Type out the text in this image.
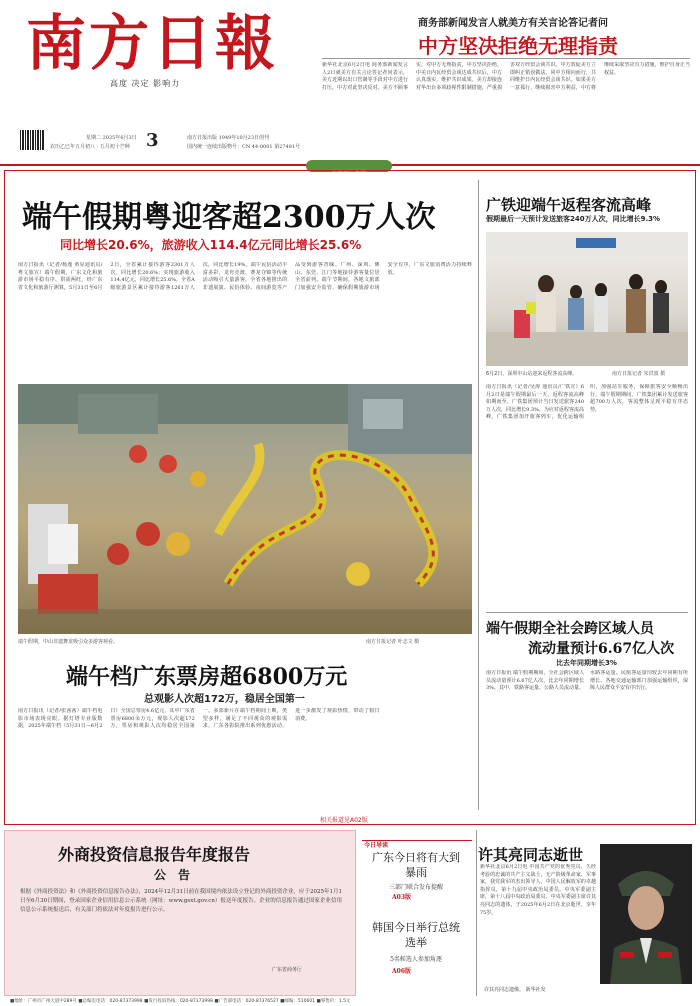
南方日報
高度 决定 影响力
星期二 2025年6月3日
农历乙巳年五月初八 · 五月初十芒种 3	南方日报出版 1949年10月23日创刊
国内统一连续出版物号：CN 44-0001 第27481号
商务部新闻发言人就美方有关言论答记者问
中方坚决拒绝无理指责
新华社北京6月2日电 商务部新闻发言人2日就美方有关言论答记者问表示，美方近期以出口管制等手段对中方进行打压，中方对此坚决反对。美方不顾事实，对中方无理指责，中方坚决拒绝。中美日内瓦经贸会谈达成共识后，中方认真落实，维护共识成果。美方却接连对华出台多项歧视性限制措施，严重损害双方经贸会谈共识。中方敦促美方立即纠正错误做法，同中方相向而行，共同维护日内瓦经贸会谈共识。如果美方一意孤行，继续损害中方利益，中方将继续采取坚决有力措施，维护自身正当权益。
关注端午假期
端午假期粤迎客超2300万人次
同比增长20.6%，旅游收入114.4亿元同比增长25.6%
南方日报讯（记者/杨逸 黄显通讯员/粤文旅宣）端午假期，广东文化和旅游市场平稳有序、供需两旺。经广东省文化和旅游厅测算，5月31日至6月2日，全省累计接待游客2301万人次，同比增长20.6%；实现旅游收入114.4亿元，同比增长25.6%。全省A级旅游景区累计接待游客1261万人次，同比增长19%。端午民俗活动丰富多彩，龙舟竞渡、赛龙夺锦等传统活动吸引大量游客，全省各地推出的非遗展演、民俗体验、夜间游览等产品受到游客青睐。广州、深圳、佛山、东莞、江门等地接待游客量位居全省前列。端午节期间，各地文旅部门加强安全监管，确保假期旅游市场安全有序，广东文旅消费活力持续释放。
端午假期，中山非遗舞龙吸引众多游客观看。	南方日报记者 叶志文 摄
端午档广东票房超6800万元
总观影人次超172万，稳居全国第一
南方日报讯（记者/张茜茜）端午档电影市场表现亮眼。据灯塔专业版数据，2025年端午档（5月31日—6月2日）全国总票房4.6亿元，其中广东省票房6800余万元，观影人次超172万，票房和观影人次均稳居全国第一。多部新片在端午档期间上映，类型多样，满足了不同观众的观影需求。广东各影院推出系列优惠活动，进一步激发了观影热情，带动了假日消费。
广铁迎端午返程客流高峰
假期最后一天预计发送旅客240万人次，同比增长9.3%
6月2日，深圳中山站迎来返程客流高峰。	南方日报记者 朱洪波 摄
南方日报讯（记者/吴涛 通讯员/广铁宣）6月2日是端午假期最后一天，返程客流高峰如期而至。广铁集团预计当日发送旅客240万人次，同比增长9.3%。为应对返程客流高峰，广铁集团加开旅客列车，优化运输组织，加强站车服务，保障旅客安全顺畅出行。端午假期期间，广铁集团累计发送旅客超700万人次，客流整体呈现平稳有序态势。
端午假期全社会跨区域人员
流动量预计6.67亿人次
比去年同期增长3%
南方日报讯 端午假期期间，全社会跨区域人员流动量预计6.67亿人次，比去年同期增长3%。其中，铁路客运量、公路人员流动量、水路客运量、民航客运量均较去年同期有所增长。各地交通运输部门加强运输组织，保障人民群众平安有序出行。
相关报道见A02版
外商投资信息报告年度报告
公　告
根据《外商投资法》和《外商投资信息报告办法》，2024年12月31日前在我国境内依法设立登记的外商投资企业，应于2025年1月1日至6月30日期间，登录国家企业信用信息公示系统（网址：www.gsxt.gov.cn）报送年度报告。企业的信息报告通过国家企业信用信息公示系统报送后，有关部门将依法对年度报告进行公示。
广东省商务厅
今日导读
广东今日将有大到暴雨
三部门联合发布提醒
A03版
韩国今日举行总统选举
5名候选人参加角逐
A06版
许其亮同志逝世
新华社北京6月2日电 中国共产党的优秀党员，久经考验的忠诚的共产主义战士，无产阶级革命家、军事家，我党我军的杰出领导人，中国人民解放军的卓越指挥员，第十九届中央政治局委员、中央军委副主席，第十八届中央政治局委员、中央军委副主席许其亮同志的遗体，于2025年6月2日在北京逝世，享年75岁。
许其亮同志遗像。 新华社发
■地址：广州市广州大道中289号 ■总编室电话：020-87373998 ■发行投诉热线：020-87373998 ■广告部电话：020-87376527 ■邮编：510601 ■零售价：1.5元
